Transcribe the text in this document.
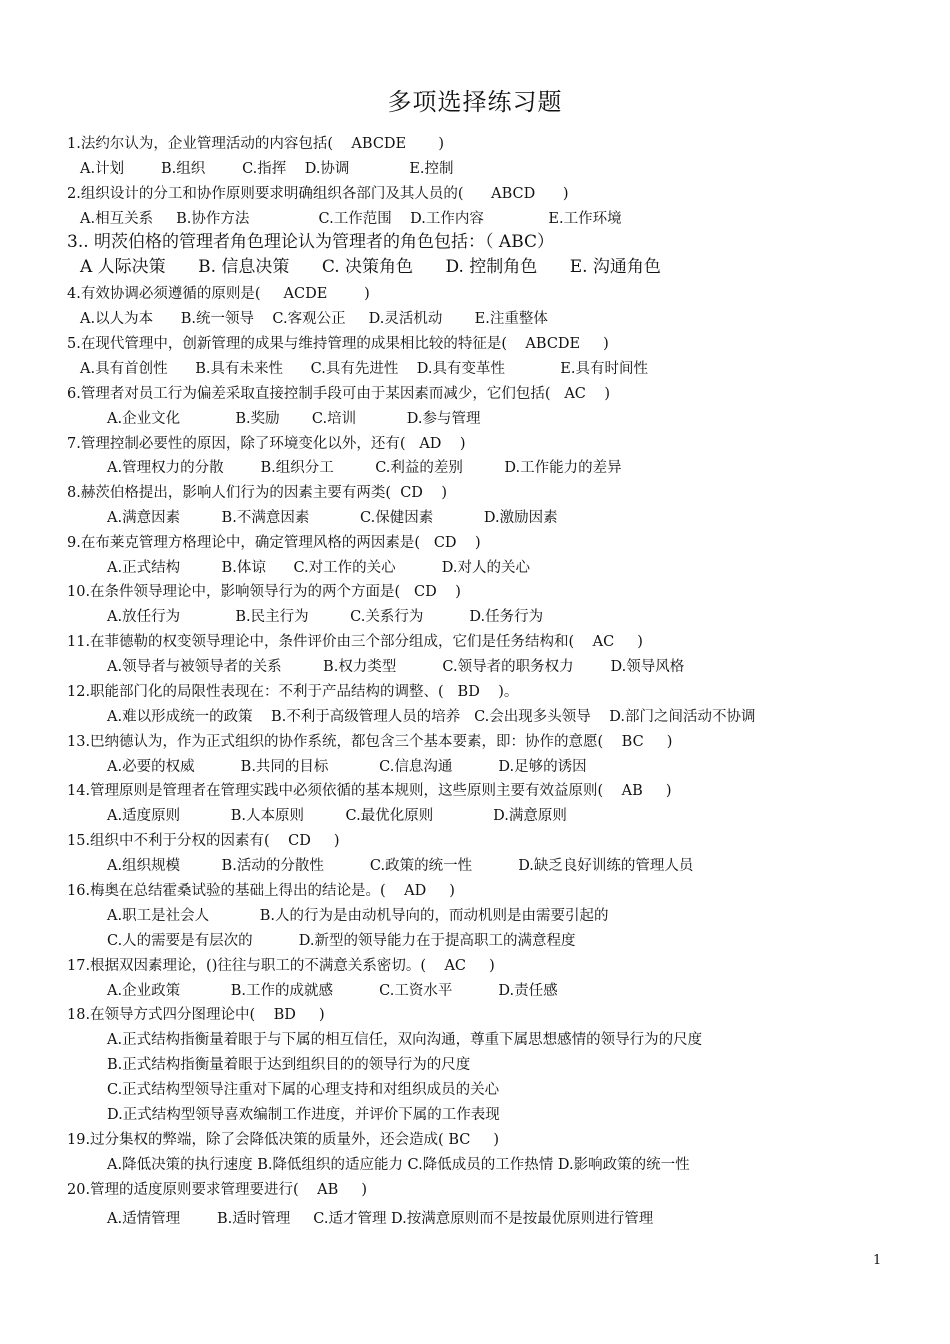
多项选择练习题
1.法约尔认为，企业管理活动的内容包括(    ABCDE       )
A.计划        B.组织        C.指挥    D.协调             E.控制
2.组织设计的分工和协作原则要求明确组织各部门及其人员的(      ABCD      )
A.相互关系     B.协作方法               C.工作范围    D.工作内容              E.工作环境
3.. 明茨伯格的管理者角色理论认为管理者的角色包括：（ ABC）
A 人际决策      B. 信息决策      C. 决策角色      D. 控制角色      E. 沟通角色
4.有效协调必须遵循的原则是(     ACDE        )
A.以人为本      B.统一领导    C.客观公正     D.灵活机动       E.注重整体
5.在现代管理中，创新管理的成果与维持管理的成果相比较的特征是(    ABCDE     )
A.具有首创性      B.具有未来性      C.具有先进性    D.具有变革性            E.具有时间性
6.管理者对员工行为偏差采取直接控制手段可由于某因素而减少，它们包括(   AC    )
A.企业文化            B.奖励       C.培训           D.参与管理
7.管理控制必要性的原因，除了环境变化以外，还有(   AD    )
A.管理权力的分散        B.组织分工         C.利益的差别         D.工作能力的差异
8.赫茨伯格提出，影响人们行为的因素主要有两类(  CD    )
A.满意因素         B.不满意因素           C.保健因素           D.激励因素
9.在布莱克管理方格理论中，确定管理风格的两因素是(   CD    )
A.正式结构         B.体谅      C.对工作的关心          D.对人的关心
10.在条件领导理论中，影响领导行为的两个方面是(   CD    )
A.放任行为            B.民主行为         C.关系行为          D.任务行为
11.在菲德勒的权变领导理论中，条件评价由三个部分组成，它们是任务结构和(    AC     )
A.领导者与被领导者的关系         B.权力类型          C.领导者的职务权力        D.领导风格
12.职能部门化的局限性表现在：不利于产品结构的调整、(   BD    )。
A.难以形成统一的政策    B.不利于高级管理人员的培养   C.会出现多头领导    D.部门之间活动不协调
13.巴纳德认为，作为正式组织的协作系统，都包含三个基本要素，即：协作的意愿(    BC     )
A.必要的权威          B.共同的目标           C.信息沟通          D.足够的诱因
14.管理原则是管理者在管理实践中必须依循的基本规则，这些原则主要有效益原则(    AB     )
A.适度原则           B.人本原则         C.最优化原则             D.满意原则
15.组织中不利于分权的因素有(    CD     )
A.组织规模         B.活动的分散性          C.政策的统一性          D.缺乏良好训练的管理人员
16.梅奥在总结霍桑试验的基础上得出的结论是。(    AD     )
A.职工是社会人           B.人的行为是由动机导向的，而动机则是由需要引起的
C.人的需要是有层次的          D.新型的领导能力在于提高职工的满意程度
17.根据双因素理论，()往往与职工的不满意关系密切。(    AC     )
A.企业政策           B.工作的成就感          C.工资水平          D.责任感
18.在领导方式四分图理论中(    BD     )
A.正式结构指衡量着眼于与下属的相互信任，双向沟通，尊重下属思想感情的领导行为的尺度
B.正式结构指衡量着眼于达到组织目的的领导行为的尺度
C.正式结构型领导注重对下属的心理支持和对组织成员的关心
D.正式结构型领导喜欢编制工作进度，并评价下属的工作表现
19.过分集权的弊端，除了会降低决策的质量外，还会造成( BC     )
A.降低决策的执行速度 B.降低组织的适应能力 C.降低成员的工作热情 D.影响政策的统一性
20.管理的适度原则要求管理要进行(    AB     )
A.适情管理        B.适时管理     C.适才管理 D.按满意原则而不是按最优原则进行管理
1
